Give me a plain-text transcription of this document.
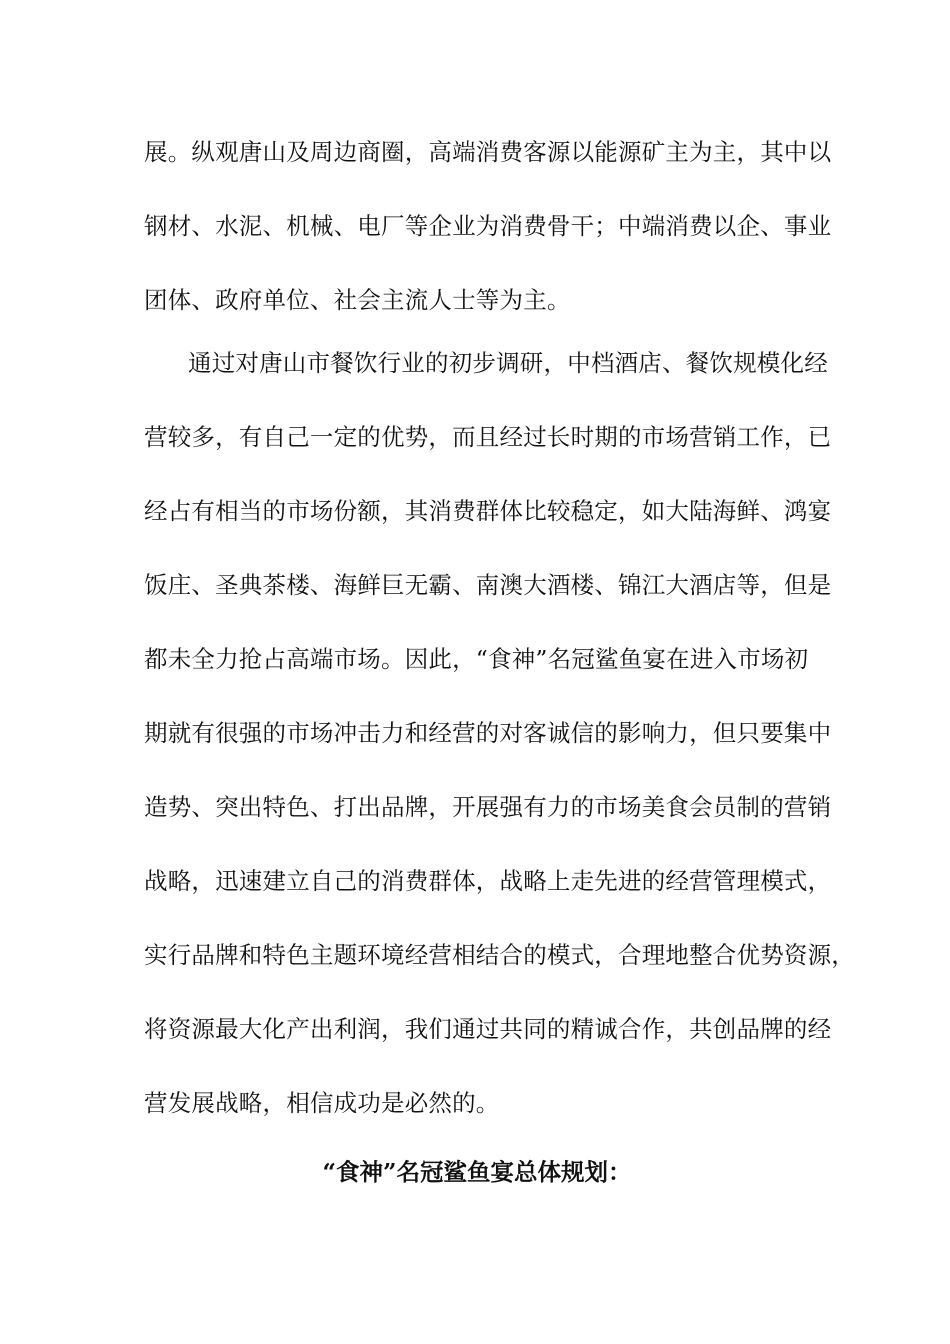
展。纵观唐山及周边商圈，高端消费客源以能源矿主为主，其中以
钢材、水泥、机械、电厂等企业为消费骨干；中端消费以企、事业
团体、政府单位、社会主流人士等为主。
通过对唐山市餐饮行业的初步调研，中档酒店、餐饮规模化经
营较多，有自己一定的优势，而且经过长时期的市场营销工作，已
经占有相当的市场份额，其消费群体比较稳定，如大陆海鲜、鸿宴
饭庄、圣典茶楼、海鲜巨无霸、南澳大酒楼、锦江大酒店等，但是
都未全力抢占高端市场。因此，“食神”名冠鲨鱼宴在进入市场初
期就有很强的市场冲击力和经营的对客诚信的影响力，但只要集中
造势、突出特色、打出品牌，开展强有力的市场美食会员制的营销
战略，迅速建立自己的消费群体，战略上走先进的经营管理模式，
实行品牌和特色主题环境经营相结合的模式，合理地整合优势资源，
将资源最大化产出利润，我们通过共同的精诚合作，共创品牌的经
营发展战略，相信成功是必然的。
“食神”名冠鲨鱼宴总体规划：
